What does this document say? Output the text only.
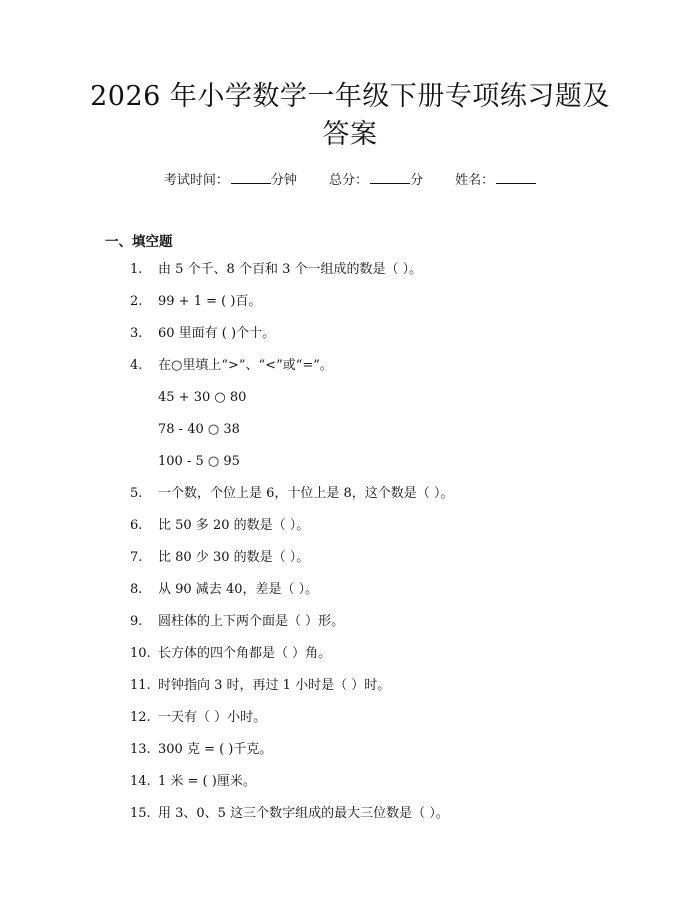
2026 年小学数学一年级下册专项练习题及答案
考试时间：	分钟 总分：	分 姓名：
一、填空题
1. 由 5 个千、8 个百和 3 个一组成的数是（ ）。
2. 99 + 1 = ( )百。
3. 60 里面有 ( )个十。
4. 在○里填上“>”、“<”或“=”。
45 + 30 ○ 80
78 - 40 ○ 38
100 - 5 ○ 95
5. 一个数，个位上是 6，十位上是 8，这个数是（ ）。
6. 比 50 多 20 的数是（ ）。
7. 比 80 少 30 的数是（ ）。
8. 从 90 减去 40，差是（ ）。
9. 圆柱体的上下两个面是（ ）形。
10. 长方体的四个角都是（ ）角。
11. 时钟指向 3 时，再过 1 小时是（ ）时。
12. 一天有（ ）小时。
13. 300 克 = ( )千克。
14. 1 米 = ( )厘米。
15. 用 3、0、5 这三个数字组成的最大三位数是（ ）。
